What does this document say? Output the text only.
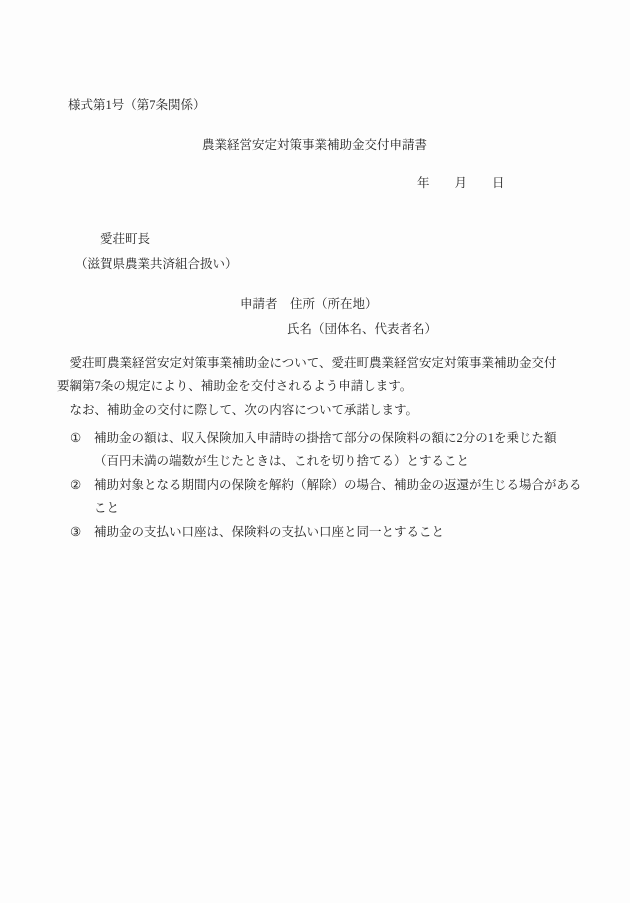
様式第1号（第7条関係）
農業経営安定対策事業補助金交付申請書
年　　月　　日
愛荘町長
（滋賀県農業共済組合扱い）
申請者　住所（所在地）
氏名（団体名、代表者名）
　愛荘町農業経営安定対策事業補助金について、愛荘町農業経営安定対策事業補助金交付
要綱第7条の規定により、補助金を交付されるよう申請します。
　なお、補助金の交付に際して、次の内容について承諾します。
①	補助金の額は、収入保険加入申請時の掛捨て部分の保険料の額に2分の1を乗じた額
（百円未満の端数が生じたときは、これを切り捨てる）とすること
②	補助対象となる期間内の保険を解約（解除）の場合、補助金の返還が生じる場合がある
こと
③	補助金の支払い口座は、保険料の支払い口座と同一とすること
